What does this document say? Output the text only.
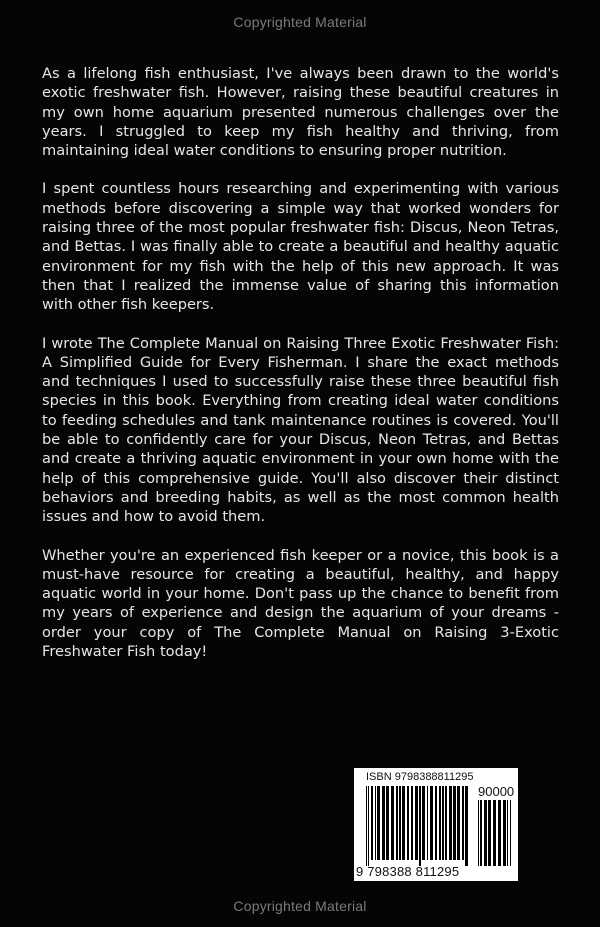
Copyrighted Material

As a lifelong fish enthusiast, I've always been drawn to the world's exotic freshwater fish. However, raising these beautiful creatures in my own home aquarium presented numerous challenges over the years. I struggled to keep my fish healthy and thriving, from maintaining ideal water conditions to ensuring proper nutrition.

I spent countless hours researching and experimenting with various methods before discovering a simple way that worked wonders for raising three of the most popular freshwater fish: Discus, Neon Tetras, and Bettas. I was finally able to create a beautiful and healthy aquatic environment for my fish with the help of this new approach. It was then that I realized the immense value of sharing this information with other fish keepers.

I wrote The Complete Manual on Raising Three Exotic Freshwater Fish: A Simplified Guide for Every Fisherman. I share the exact methods and techniques I used to successfully raise these three beautiful fish species in this book. Everything from creating ideal water conditions to feeding schedules and tank maintenance routines is covered. You'll be able to confidently care for your Discus, Neon Tetras, and Bettas and create a thriving aquatic environment in your own home with the help of this comprehensive guide. You'll also discover their distinct behaviors and breeding habits, as well as the most common health issues and how to avoid them.

Whether you're an experienced fish keeper or a novice, this book is a must-have resource for creating a beautiful, healthy, and happy aquatic world in your home. Don't pass up the chance to benefit from my years of experience and design the aquarium of your dreams - order your copy of The Complete Manual on Raising 3-Exotic Freshwater Fish today!

ISBN 9798388811295
90000
9 798388 811295
Copyrighted Material
